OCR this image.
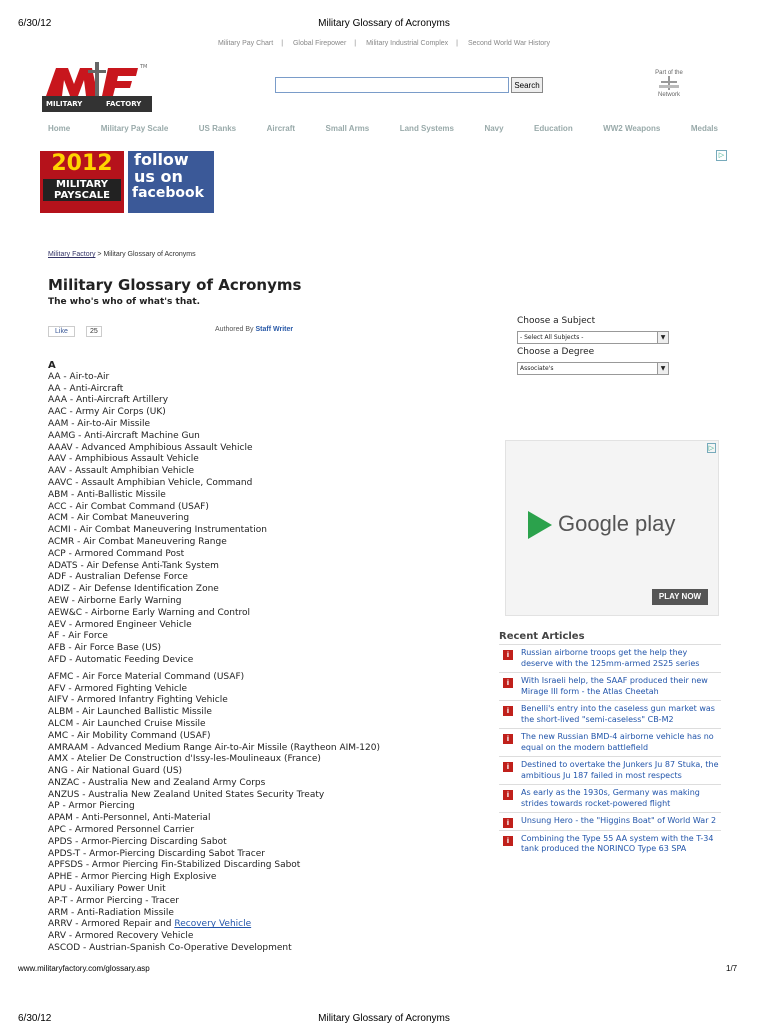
6/30/12	Military Glossary of Acronyms
Military Pay Chart | Global Firepower | Military Industrial Complex | Second World War History
MILITARY	FACTORY
TM
Search
Part of the
Network
Home	Military Pay Scale	US Ranks	Aircraft	Small Arms	Land Systems	Navy	Education	WW2 Weapons	Medals
▷
2012
MILITARY
PAYSCALE
follow
us on
facebook
Military Factory > Military Glossary of Acronyms
Military Glossary of Acronyms
The who's who of what's that.
Like	25	Authored By Staff Writer
A
AA - Air-to-Air
AA - Anti-Aircraft
AAA - Anti-Aircraft Artillery
AAC - Army Air Corps (UK)
AAM - Air-to-Air Missile
AAMG - Anti-Aircraft Machine Gun
AAAV - Advanced Amphibious Assault Vehicle
AAV - Amphibious Assault Vehicle
AAV - Assault Amphibian Vehicle
AAVC - Assault Amphibian Vehicle, Command
ABM - Anti-Ballistic Missile
ACC - Air Combat Command (USAF)
ACM - Air Combat Maneuvering
ACMI - Air Combat Maneuvering Instrumentation
ACMR - Air Combat Maneuvering Range
ACP - Armored Command Post
ADATS - Air Defense Anti-Tank System
ADF - Australian Defense Force
ADIZ - Air Defense Identification Zone
AEW - Airborne Early Warning
AEW&C - Airborne Early Warning and Control
AEV - Armored Engineer Vehicle
AF - Air Force
AFB - Air Force Base (US)
AFD - Automatic Feeding Device
AFMC - Air Force Material Command (USAF)
AFV - Armored Fighting Vehicle
AIFV - Armored Infantry Fighting Vehicle
ALBM - Air Launched Ballistic Missile
ALCM - Air Launched Cruise Missile
AMC - Air Mobility Command (USAF)
AMRAAM - Advanced Medium Range Air-to-Air Missile (Raytheon AIM-120)
AMX - Atelier De Construction d'Issy-les-Moulineaux (France)
ANG - Air National Guard (US)
ANZAC - Australia New and Zealand Army Corps
ANZUS - Australia New Zealand United States Security Treaty
AP - Armor Piercing
APAM - Anti-Personnel, Anti-Material
APC - Armored Personnel Carrier
APDS - Armor-Piercing Discarding Sabot
APDS-T - Armor-Piercing Discarding Sabot Tracer
APFSDS - Armor Piercing Fin-Stabilized Discarding Sabot
APHE - Armor Piercing High Explosive
APU - Auxiliary Power Unit
AP-T - Armor Piercing - Tracer
ARM - Anti-Radiation Missile
ARRV - Armored Repair and Recovery Vehicle
ARV - Armored Recovery Vehicle
ASCOD - Austrian-Spanish Co-Operative Development
Choose a Subject
- Select All Subjects -	▼
Choose a Degree
Associate's	▼
▷
Google play
PLAY NOW
Recent Articles
i	Russian airborne troops get the help they deserve with the 125mm-armed 2S25 series
i	With Israeli help, the SAAF produced their new Mirage III form - the Atlas Cheetah
i	Benelli's entry into the caseless gun market was the short-lived "semi-caseless" CB-M2
i	The new Russian BMD-4 airborne vehicle has no equal on the modern battlefield
i	Destined to overtake the Junkers Ju 87 Stuka, the ambitious Ju 187 failed in most respects
i	As early as the 1930s, Germany was making strides towards rocket-powered flight
i	Unsung Hero - the "Higgins Boat" of World War 2
i	Combining the Type 55 AA system with the T-34 tank produced the NORINCO Type 63 SPA
www.militaryfactory.com/glossary.asp	1/7
6/30/12	Military Glossary of Acronyms
